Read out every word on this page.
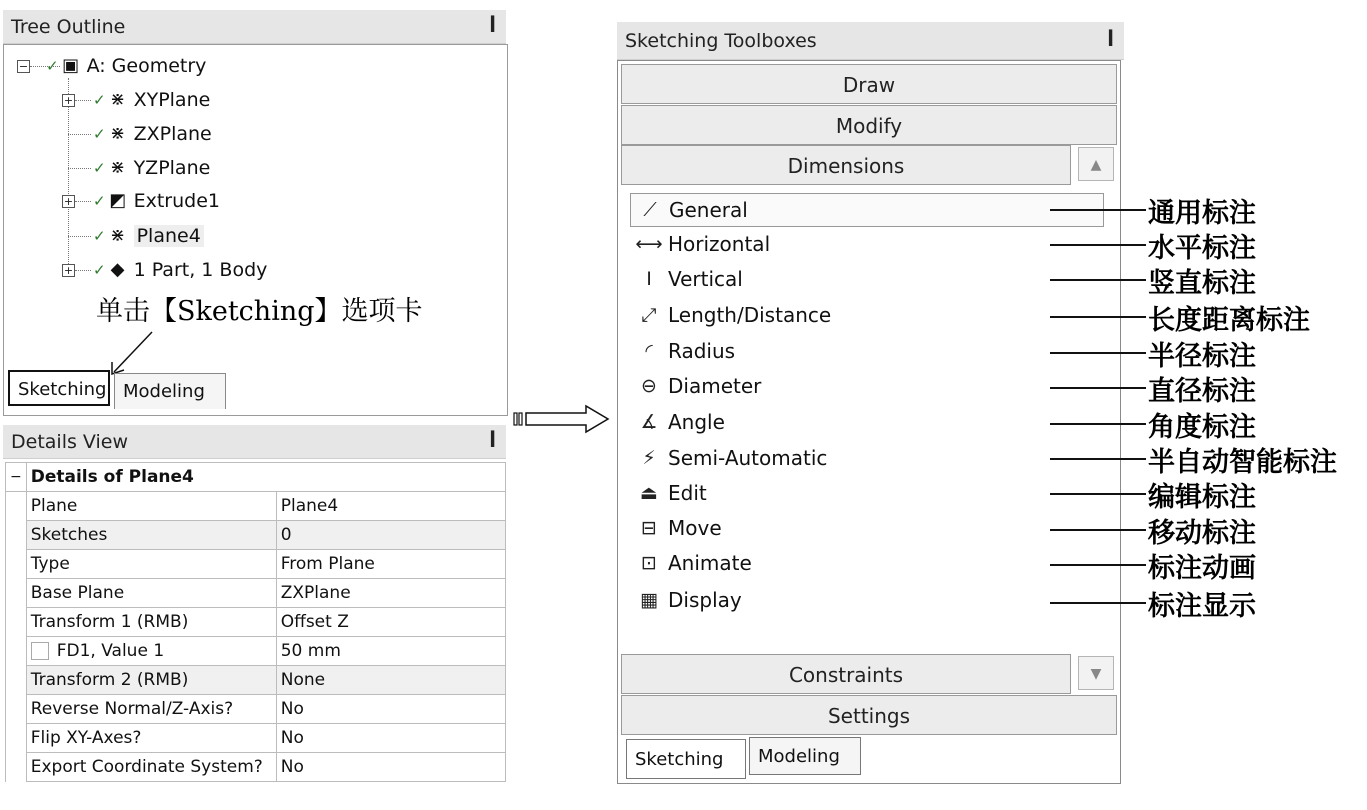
Tree Outline	ꟾ
− ✓ ▣ A: Geometry
+ ✓ ⋇ XYPlane
✓ ⋇ ZXPlane
✓ ⋇ YZPlane
+ ✓ ◩ Extrude1
✓ ⋇ Plane4
+ ✓ ◆ 1 Part, 1 Body
单击【Sketching】选项卡
Sketching Modeling
Details View	ꟾ
−	Details of Plane4	
	Plane	Plane4
	Sketches	0
	Type	From Plane
	Base Plane	ZXPlane
	Transform 1 (RMB)	Offset Z
	FD1, Value 1	50 mm
	Transform 2 (RMB)	None
	Reverse Normal/Z-Axis?	No
	Flip XY-Axes?	No
	Export Coordinate System?	No
Sketching Toolboxes	ꟾ
Draw
Modify
Dimensions	▲
⟋ General
⟷ Horizontal
Ⅰ Vertical
⤢ Length/Distance
◜ Radius
⊖ Diameter
∡ Angle
⚡ Semi-Automatic
⏏ Edit
⊟ Move
⊡ Animate
▦ Display
通用标注
水平标注
竖直标注
长度距离标注
半径标注
直径标注
角度标注
半自动智能标注
编辑标注
移动标注
标注动画
标注显示
Constraints	▼
Settings
Sketching	Modeling
